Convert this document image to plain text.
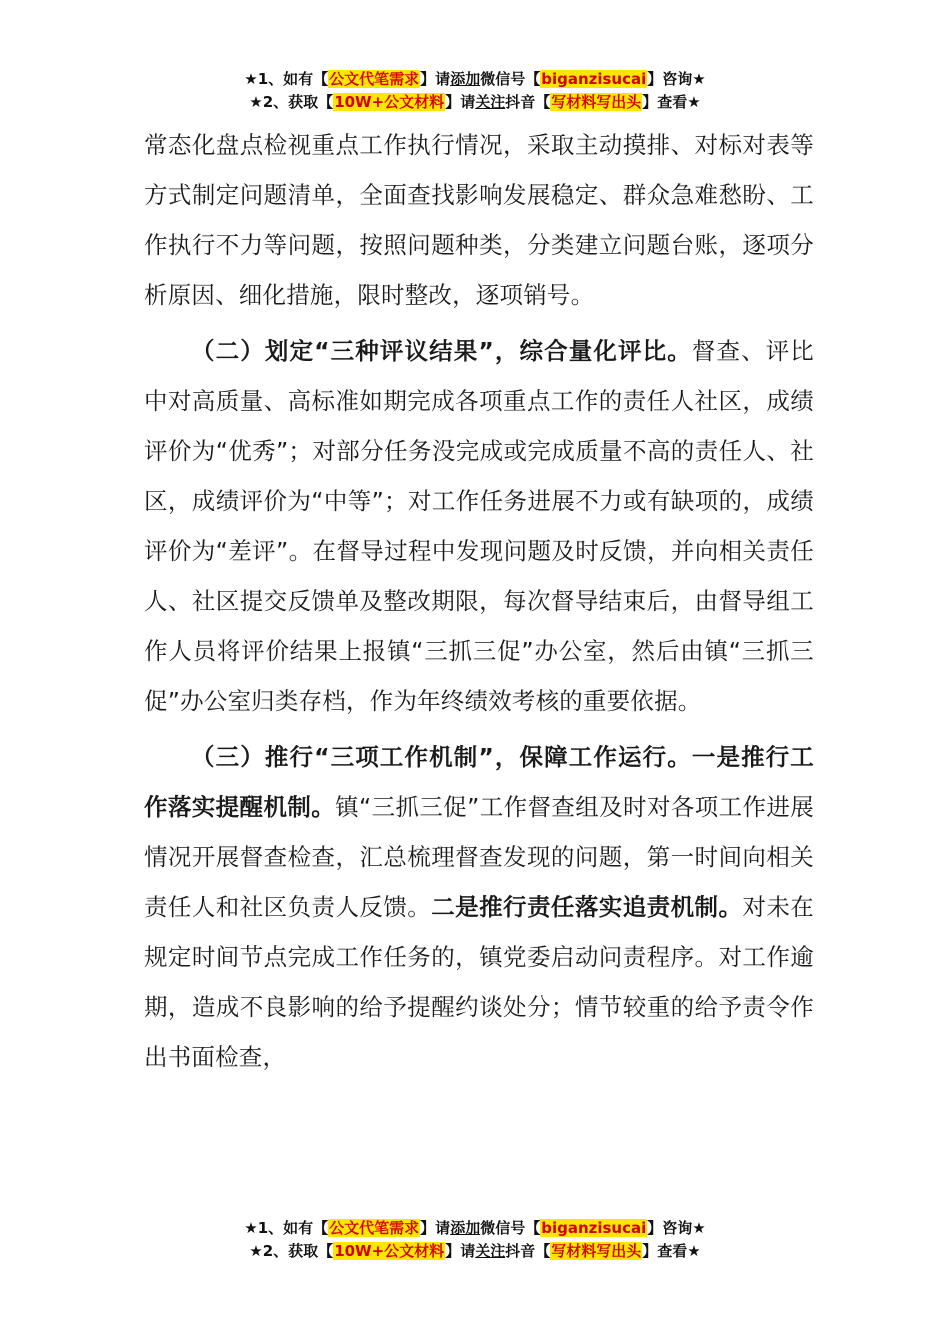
★1、如有【公文代笔需求】请添加微信号【biganzisucai】咨询★
★2、获取【10W+公文材料】请关注抖音【写材料写出头】查看★

常态化盘点检视重点工作执行情况，采取主动摸排、对标对表等方式制定问题清单，全面查找影响发展稳定、群众急难愁盼、工作执行不力等问题，按照问题种类，分类建立问题台账，逐项分析原因、细化措施，限时整改，逐项销号。

（二）划定“三种评议结果”，综合量化评比。督查、评比中对高质量、高标准如期完成各项重点工作的责任人社区，成绩评价为“优秀”；对部分任务没完成或完成质量不高的责任人、社区，成绩评价为“中等”；对工作任务进展不力或有缺项的，成绩评价为“差评”。在督导过程中发现问题及时反馈，并向相关责任人、社区提交反馈单及整改期限，每次督导结束后，由督导组工作人员将评价结果上报镇“三抓三促”办公室，然后由镇“三抓三促”办公室归类存档，作为年终绩效考核的重要依据。

（三）推行“三项工作机制”，保障工作运行。一是推行工作落实提醒机制。镇“三抓三促”工作督查组及时对各项工作进展情况开展督查检查，汇总梳理督查发现的问题，第一时间向相关责任人和社区负责人反馈。二是推行责任落实追责机制。对未在规定时间节点完成工作任务的，镇党委启动问责程序。对工作逾期，造成不良影响的给予提醒约谈处分；情节较重的给予责令作出书面检查，

★1、如有【公文代笔需求】请添加微信号【biganzisucai】咨询★
★2、获取【10W+公文材料】请关注抖音【写材料写出头】查看★
